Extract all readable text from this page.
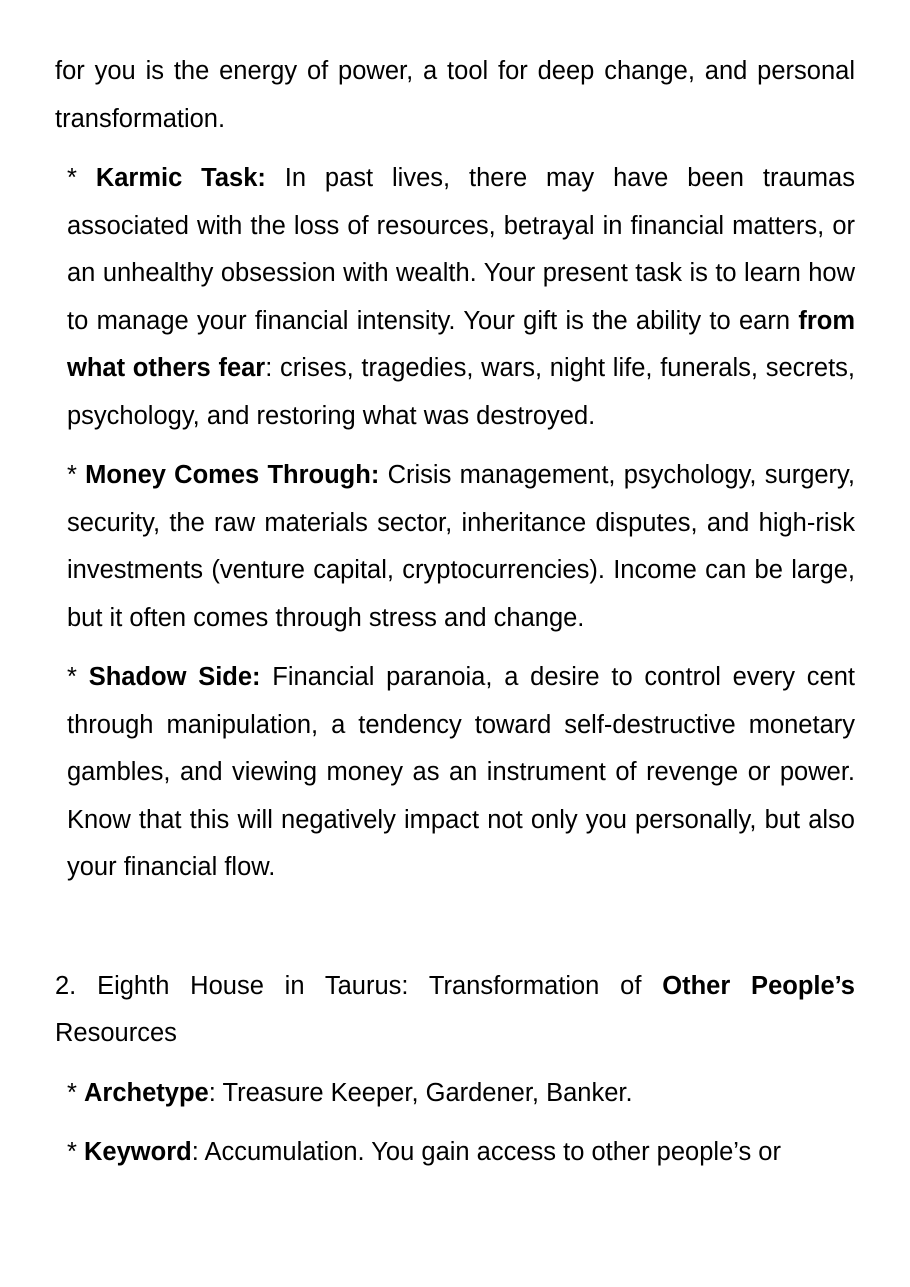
for you is the energy of power, a tool for deep change, and personal transformation.

* Karmic Task: In past lives, there may have been traumas associated with the loss of resources, betrayal in financial matters, or an unhealthy obsession with wealth. Your present task is to learn how to manage your financial intensity. Your gift is the ability to earn from what others fear: crises, tragedies, wars, night life, funerals, secrets, psychology, and restoring what was destroyed.

* Money Comes Through: Crisis management, psychology, surgery, security, the raw materials sector, inheritance disputes, and high-risk investments (venture capital, cryptocurrencies). Income can be large, but it often comes through stress and change.

* Shadow Side: Financial paranoia, a desire to control every cent through manipulation, a tendency toward self-destructive monetary gambles, and viewing money as an instrument of revenge or power. Know that this will negatively impact not only you personally, but also your financial flow.

2. Eighth House in Taurus: Transformation of Other People’s Resources

* Archetype: Treasure Keeper, Gardener, Banker.

* Keyword: Accumulation. You gain access to other people’s or
